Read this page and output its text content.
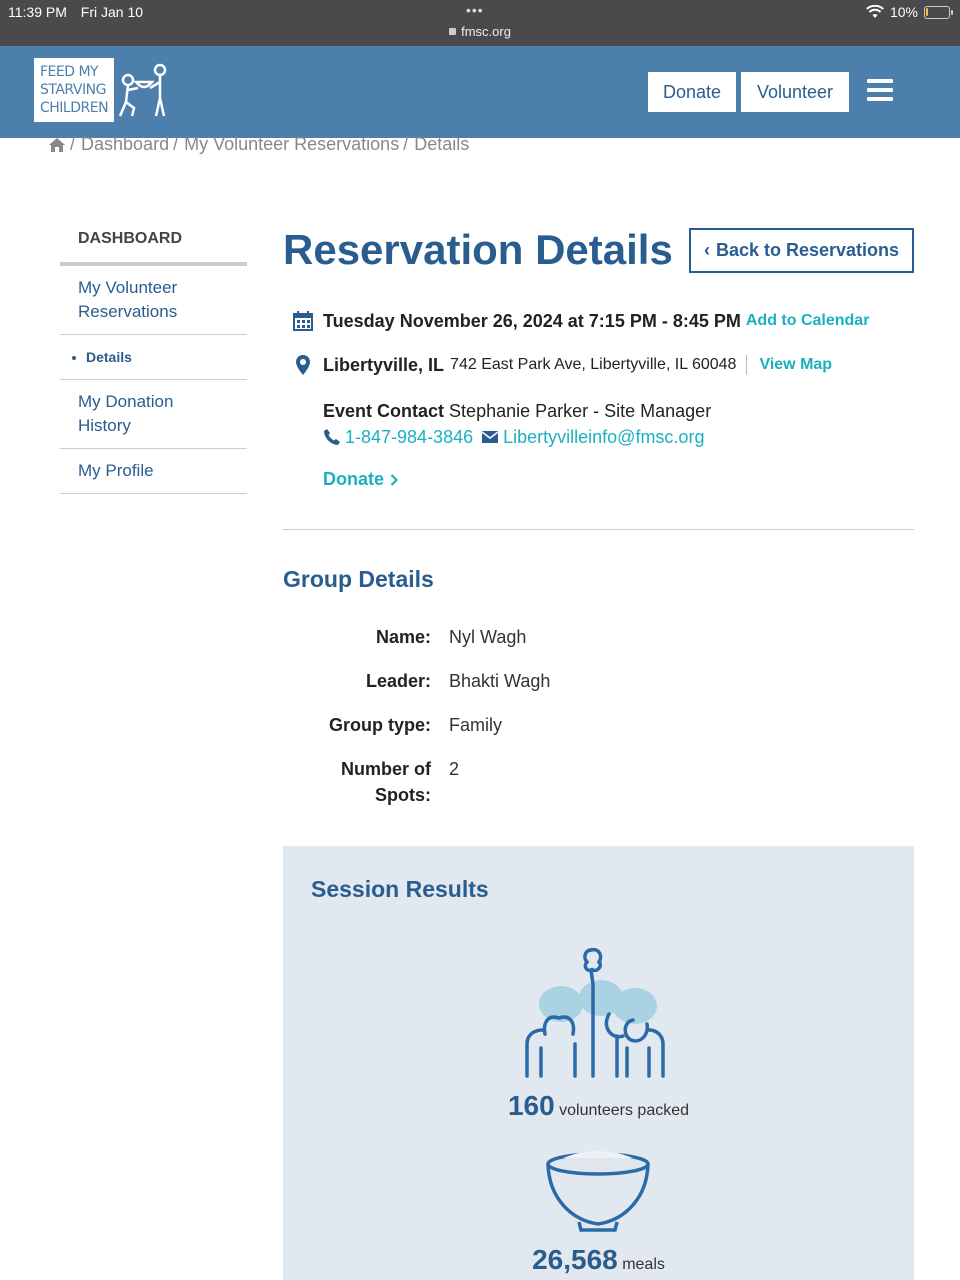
11:39 PM Fri Jan 10	•••
fmsc.org
10%
FEED MY
STARVING
CHILDREN
Donate	Volunteer
/ Dashboard / My Volunteer Reservations / Details
DASHBOARD
My Volunteer Reservations
Details
My Donation History
My Profile
Reservation Details ‹ Back to Reservations
Tuesday November 26, 2024 at 7:15 PM - 8:45 PM Add to Calendar
Libertyville, IL 742 East Park Ave, Libertyville, IL 60048 View Map
Event Contact Stephanie Parker - Site Manager
1-847-984-3846 Libertyvilleinfo@fmsc.org
Donate
Group Details
Name: Nyl Wagh
Leader: Bhakti Wagh
Group type: Family
Number of Spots:
2
Session Results
160 volunteers packed
26,568 meals
